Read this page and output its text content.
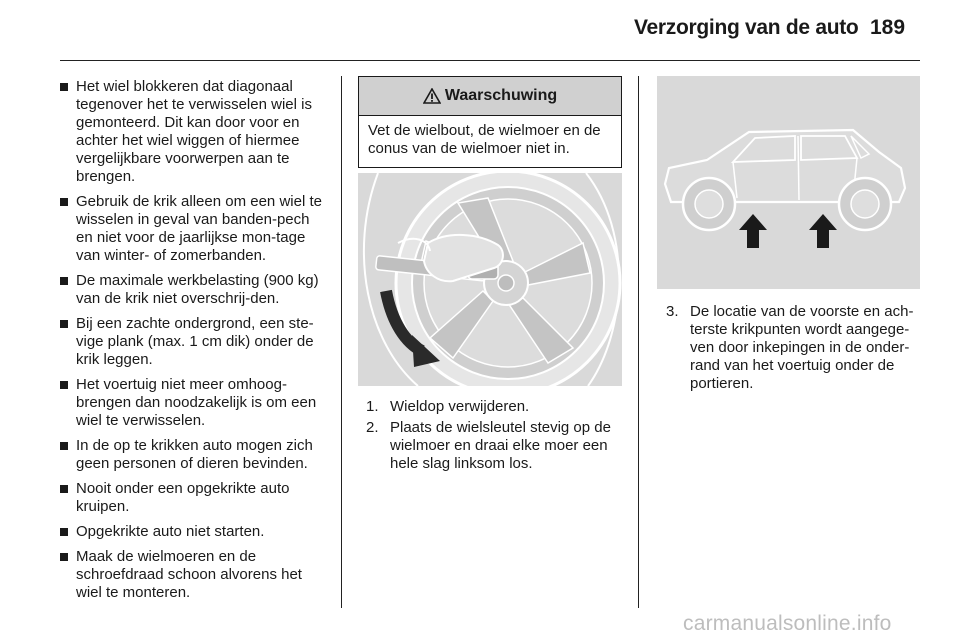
Verzorging van de auto 189
Het wiel blokkeren dat diagonaal tegenover het te verwisselen wiel is gemonteerd. Dit kan door voor en achter het wiel wiggen of hiermee vergelijkbare voorwerpen aan te brengen.
Gebruik de krik alleen om een wiel te wisselen in geval van banden-pech en niet voor de jaarlijkse mon-tage van winter- of zomerbanden.
De maximale werkbelasting (900 kg) van de krik niet overschrij-den.
Bij een zachte ondergrond, een ste-vige plank (max. 1 cm dik) onder de krik leggen.
Het voertuig niet meer omhoog-brengen dan noodzakelijk is om een wiel te verwisselen.
In de op te krikken auto mogen zich geen personen of dieren bevinden.
Nooit onder een opgekrikte auto kruipen.
Opgekrikte auto niet starten.
Maak de wielmoeren en de schroefdraad schoon alvorens het wiel te monteren.
Waarschuwing
Vet de wielbout, de wielmoer en de conus van de wielmoer niet in.
1. Wieldop verwijderen.
2. Plaats de wielsleutel stevig op de wielmoer en draai elke moer een hele slag linksom los.
3. De locatie van de voorste en ach-terste krikpunten wordt aangege-ven door inkepingen in de onder-rand van het voertuig onder de portieren.
carmanualsonline.info
